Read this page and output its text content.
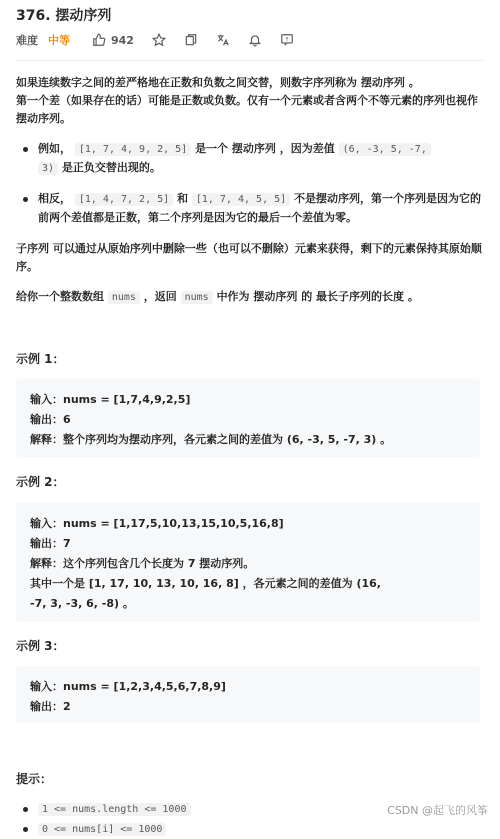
376. 摆动序列
难度 中等	942
如果连续数字之间的差严格地在正数和负数之间交替，则数字序列称为 摆动序列 。
第一个差（如果存在的话）可能是正数或负数。仅有一个元素或者含两个不等元素的序列也视作摆动序列。
例如， [1, 7, 4, 9, 2, 5] 是一个 摆动序列 ，因为差值 (6, -3, 5, -7,
3) 是正负交替出现的。
相反， [1, 4, 7, 2, 5] 和 [1, 7, 4, 5, 5] 不是摆动序列，第一个序列是因为它的前两个差值都是正数，第二个序列是因为它的最后一个差值为零。
子序列 可以通过从原始序列中删除一些（也可以不删除）元素来获得，剩下的元素保持其原始顺序。
给你一个整数数组 nums ，返回 nums 中作为 摆动序列 的 最长子序列的长度 。
示例 1：
输入：nums = [1,7,4,9,2,5]
输出：6
解释：整个序列均为摆动序列，各元素之间的差值为 (6, -3, 5, -7, 3) 。
示例 2：
输入：nums = [1,17,5,10,13,15,10,5,16,8]
输出：7
解释：这个序列包含几个长度为 7 摆动序列。
其中一个是 [1, 17, 10, 13, 10, 16, 8] ，各元素之间的差值为 (16,
-7, 3, -3, 6, -8) 。
示例 3：
输入：nums = [1,2,3,4,5,6,7,8,9]
输出：2
提示：
1 <= nums.length <= 1000
0 <= nums[i] <= 1000
CSDN @起飞的风筝
